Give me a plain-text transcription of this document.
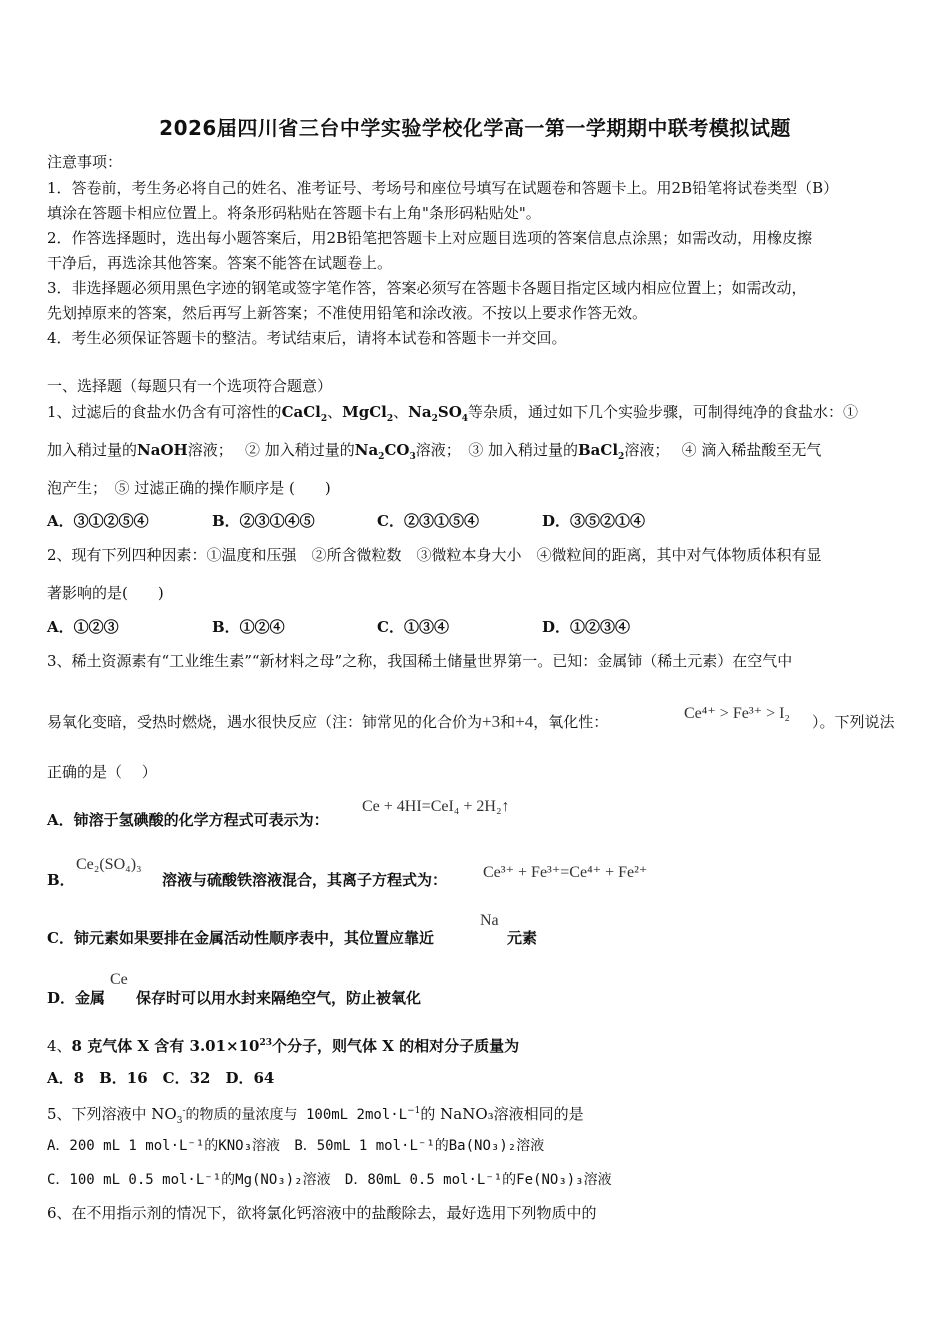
2026届四川省三台中学实验学校化学高一第一学期期中联考模拟试题
注意事项：
1．答卷前，考生务必将自己的姓名、准考证号、考场号和座位号填写在试题卷和答题卡上。用2B铅笔将试卷类型（B）
填涂在答题卡相应位置上。将条形码粘贴在答题卡右上角"条形码粘贴处"。
2．作答选择题时，选出每小题答案后，用2B铅笔把答题卡上对应题目选项的答案信息点涂黑；如需改动，用橡皮擦
干净后，再选涂其他答案。答案不能答在试题卷上。
3．非选择题必须用黑色字迹的钢笔或签字笔作答，答案必须写在答题卡各题目指定区域内相应位置上；如需改动，
先划掉原来的答案，然后再写上新答案；不准使用铅笔和涂改液。不按以上要求作答无效。
4．考生必须保证答题卡的整洁。考试结束后，请将本试卷和答题卡一并交回。
一、选择题（每题只有一个选项符合题意）
1、过滤后的食盐水仍含有可溶性的CaCl$_2$、MgCl$_2$、$Na_2SO_4$等杂质，通过如下几个实验步骤，可制得纯净的食盐水：①
加入稍过量的NaOH溶液；　 ② 加入稍过量的$Na_2CO_3$溶液；　③ 加入稍过量的BaCl$_2$溶液；　 ④ 滴入稀盐酸至无气
泡产生；　⑤ 过滤正确的操作顺序是 (　　)
A．③①②⑤④	B．②③①④⑤	C．②③①⑤④	D．③⑤②①④
2、现有下列四种因素：①温度和压强　②所含微粒数　③微粒本身大小　④微粒间的距离，其中对气体物质体积有显
著影响的是(　　)
A．①②③	B．①②④	C．①③④	D．①②③④
3、稀土资源素有“工业维生素”“新材料之母”之称，我国稀土储量世界第一。已知：金属铈（稀土元素）在空气中
易氧化变暗，受热时燃烧，遇水很快反应（注：铈常见的化合价为+3和+4，氧化性：	Ce⁴⁺ > Fe³⁺ > I₂ ）。下列说法
正确的是（　 ）
A．铈溶于氢碘酸的化学方程式可表示为：
Ce + 4HI=CeI₄ + 2H₂↑
B．
Ce₂(SO₄)₃
溶液与硫酸铁溶液混合，其离子方程式为： Ce³⁺ + Fe³⁺=Ce⁴⁺ + Fe²⁺
C．铈元素如果要排在金属活动性顺序表中，其位置应靠近
Na
元素
D．金属
Ce
保存时可以用水封来隔绝空气，防止被氧化
4、8 克气体 X 含有 $3.01\times 10^{23}$个分子，则气体 X 的相对分子质量为
A．8　B．16　C．32　D．64
5、下列溶液中 $NO_3^-$的物质的量浓度与 100mL $2mol\cdot L^{-1}$的 NaNO₃溶液相同的是
A．200 mL 1 mol·L⁻¹的KNO₃溶液 B．50mL 1 mol·L⁻¹的Ba(NO₃)₂溶液
C．100 mL 0.5 mol·L⁻¹的Mg(NO₃)₂溶液 D．80mL 0.5 mol·L⁻¹的Fe(NO₃)₃溶液
6、在不用指示剂的情况下，欲将氯化钙溶液中的盐酸除去，最好选用下列物质中的
